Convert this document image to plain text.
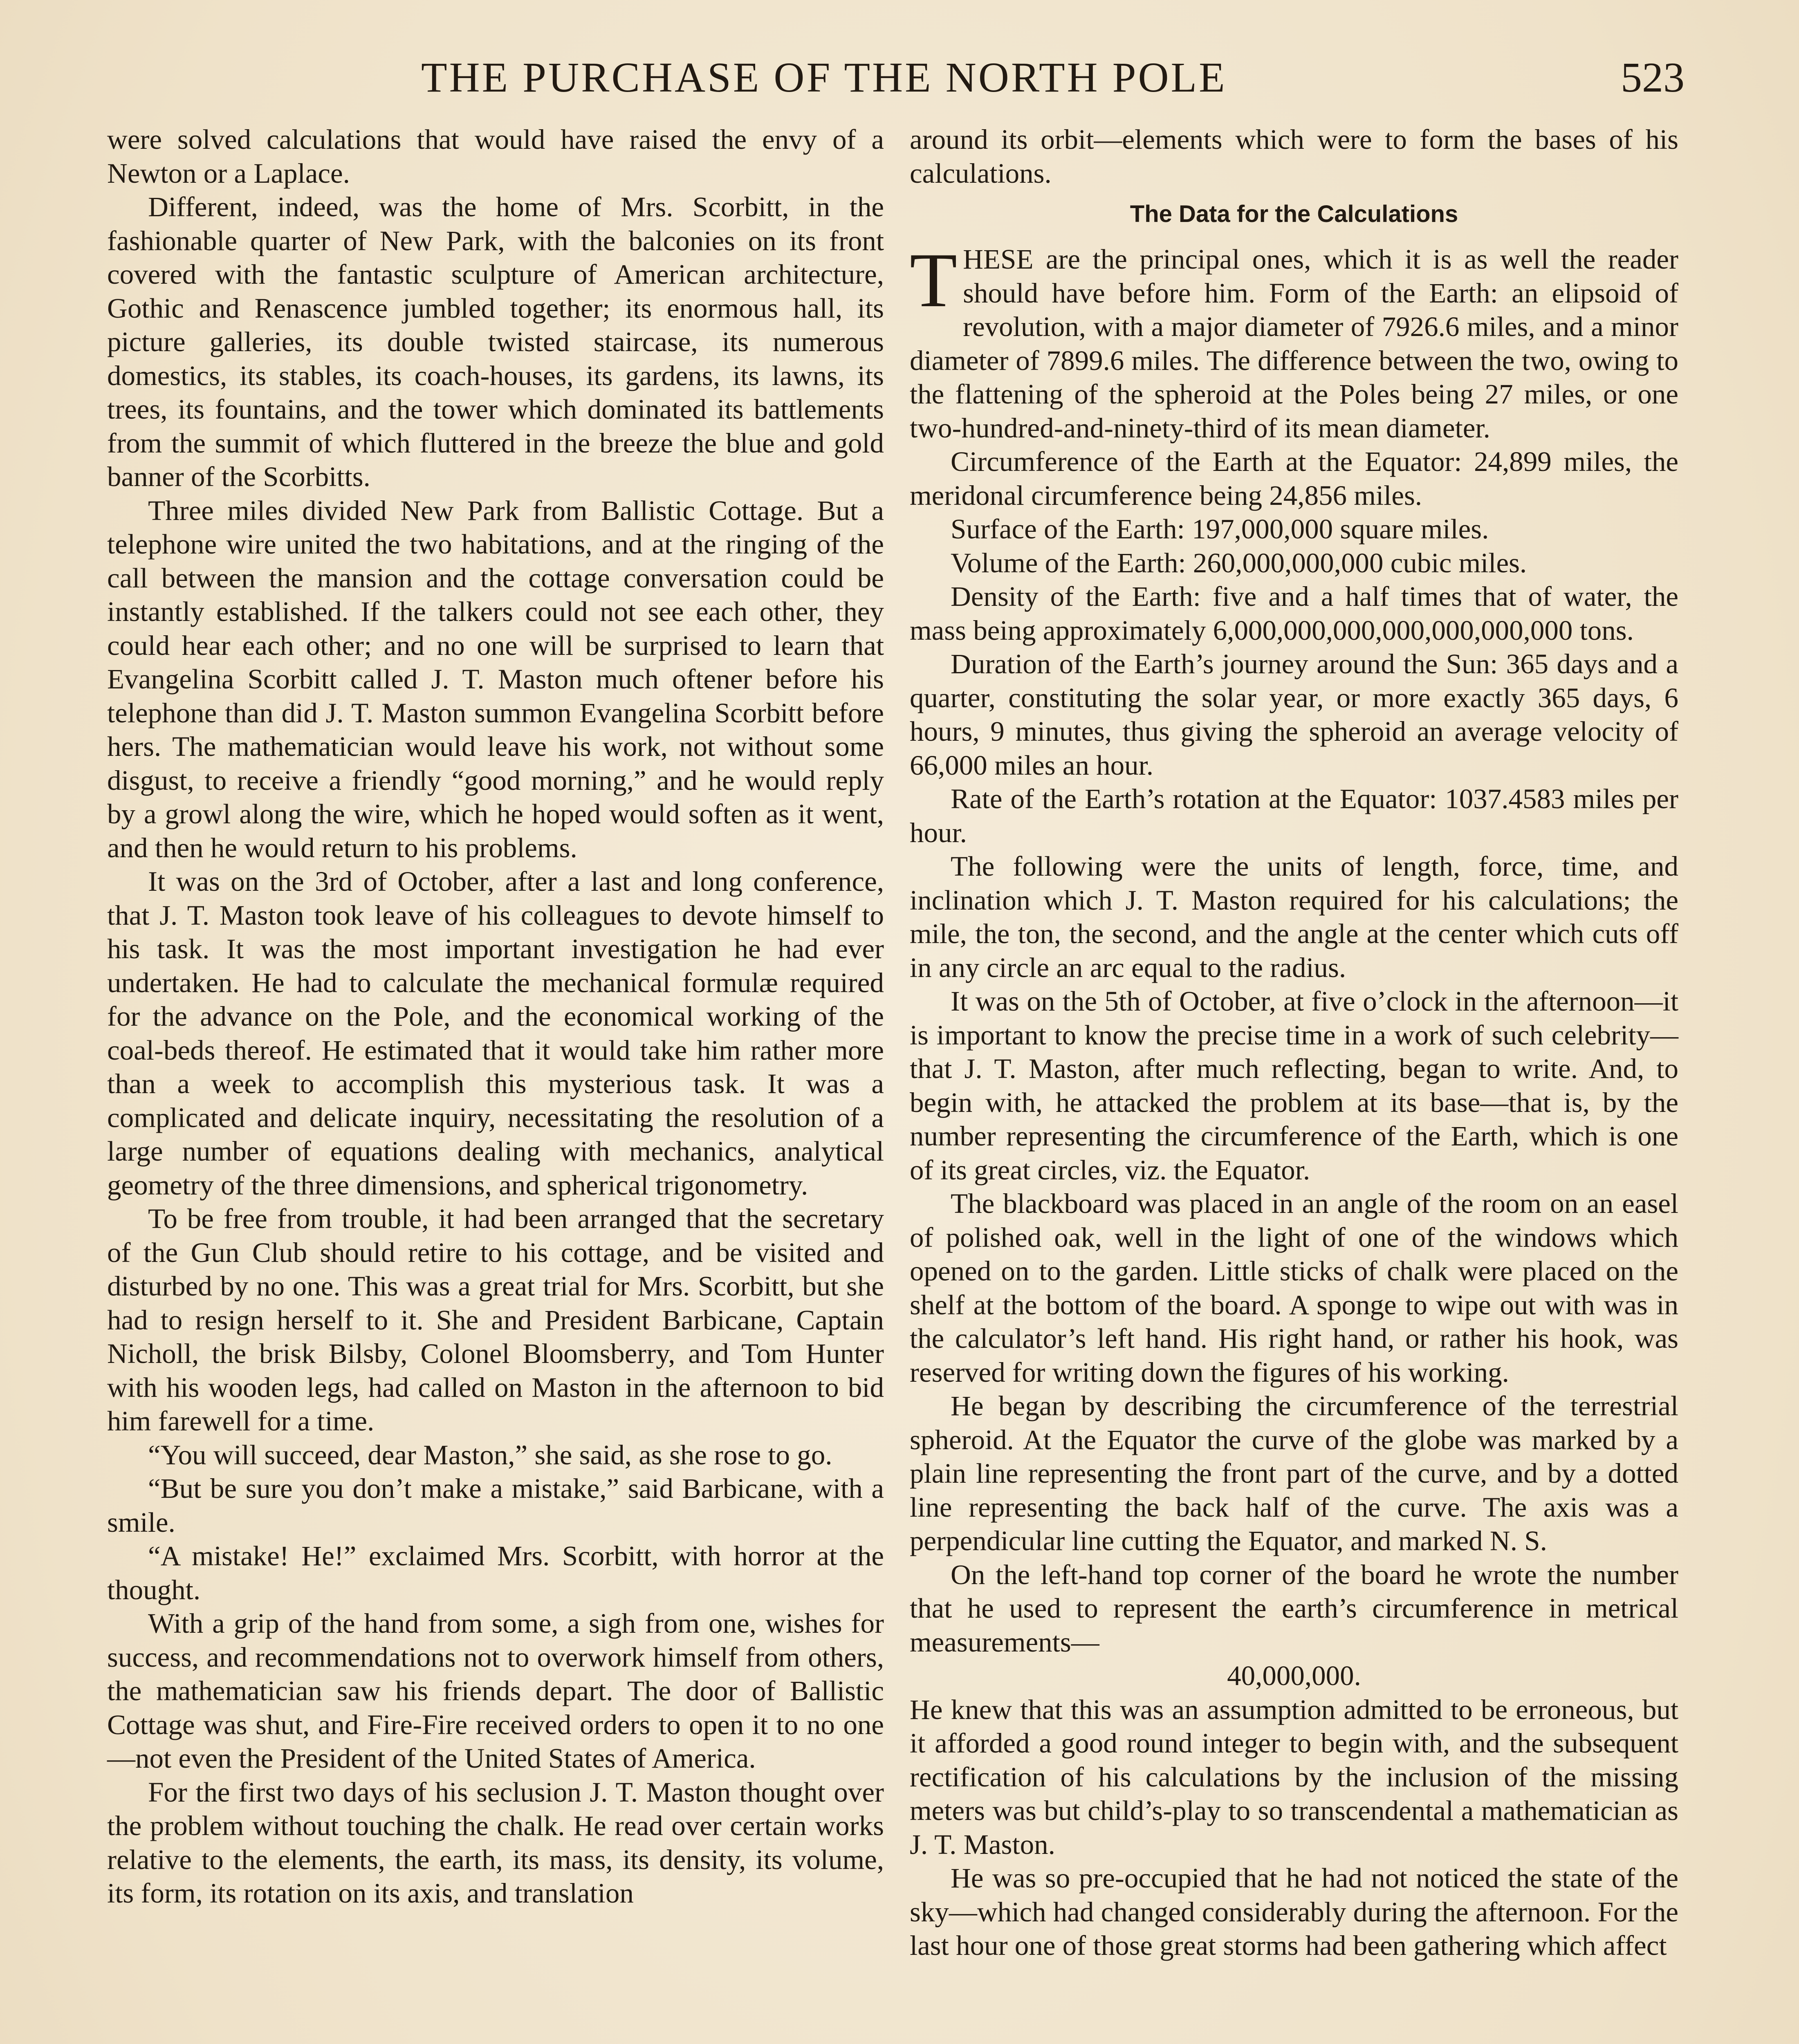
THE PURCHASE OF THE NORTH POLE	523

were solved calculations that would have raised the envy of a Newton or a Laplace.

Different, indeed, was the home of Mrs. Scorbitt, in the fashionable quarter of New Park, with the balconies on its front covered with the fantastic sculpture of American architecture, Gothic and Renascence jumbled together; its enormous hall, its picture galleries, its double twisted staircase, its numerous domestics, its stables, its coach-houses, its gardens, its lawns, its trees, its fountains, and the tower which dominated its battlements from the summit of which fluttered in the breeze the blue and gold banner of the Scorbitts.

Three miles divided New Park from Ballistic Cottage. But a telephone wire united the two habitations, and at the ringing of the call between the mansion and the cottage conversation could be instantly established. If the talkers could not see each other, they could hear each other; and no one will be surprised to learn that Evangelina Scorbitt called J. T. Maston much oftener before his telephone than did J. T. Maston summon Evangelina Scorbitt before hers. The mathematician would leave his work, not without some disgust, to receive a friendly “good morning,” and he would reply by a growl along the wire, which he hoped would soften as it went, and then he would return to his problems.

It was on the 3rd of October, after a last and long conference, that J. T. Maston took leave of his colleagues to devote himself to his task. It was the most important investigation he had ever undertaken. He had to calculate the mechanical formulæ required for the advance on the Pole, and the economical working of the coal-beds thereof. He estimated that it would take him rather more than a week to accomplish this mysterious task. It was a complicated and delicate inquiry, necessitating the resolution of a large number of equations dealing with mechanics, analytical geometry of the three dimensions, and spherical trigonometry.

To be free from trouble, it had been arranged that the secretary of the Gun Club should retire to his cottage, and be visited and disturbed by no one. This was a great trial for Mrs. Scorbitt, but she had to resign herself to it. She and President Barbicane, Captain Nicholl, the brisk Bilsby, Colonel Bloomsberry, and Tom Hunter with his wooden legs, had called on Maston in the afternoon to bid him farewell for a time.

“You will succeed, dear Maston,” she said, as she rose to go.

“But be sure you don’t make a mistake,” said Barbicane, with a smile.

“A mistake! He!” exclaimed Mrs. Scorbitt, with horror at the thought.

With a grip of the hand from some, a sigh from one, wishes for success, and recommendations not to overwork himself from others, the mathematician saw his friends depart. The door of Ballistic Cottage was shut, and Fire-Fire received orders to open it to no one—not even the President of the United States of America.

For the first two days of his seclusion J. T. Maston thought over the problem without touching the chalk. He read over certain works relative to the elements, the earth, its mass, its density, its volume, its form, its rotation on its axis, and translation

around its orbit—elements which were to form the bases of his calculations.

The Data for the Calculations

THESE are the principal ones, which it is as well the reader should have before him. Form of the Earth: an elipsoid of revolution, with a major diameter of 7926.6 miles, and a minor diameter of 7899.6 miles. The difference between the two, owing to the flattening of the spheroid at the Poles being 27 miles, or one two-hundred-and-ninety-third of its mean diameter.

Circumference of the Earth at the Equator: 24,899 miles, the meridonal circumference being 24,856 miles.

Surface of the Earth: 197,000,000 square miles.

Volume of the Earth: 260,000,000,000 cubic miles.

Density of the Earth: five and a half times that of water, the mass being approximately 6,000,000,000,000,000,000,000 tons.

Duration of the Earth’s journey around the Sun: 365 days and a quarter, constituting the solar year, or more exactly 365 days, 6 hours, 9 minutes, thus giving the spheroid an average velocity of 66,000 miles an hour.

Rate of the Earth’s rotation at the Equator: 1037.4583 miles per hour.

The following were the units of length, force, time, and inclination which J. T. Maston required for his calculations; the mile, the ton, the second, and the angle at the center which cuts off in any circle an arc equal to the radius.

It was on the 5th of October, at five o’clock in the afternoon—it is important to know the precise time in a work of such celebrity—that J. T. Maston, after much reflecting, began to write. And, to begin with, he attacked the problem at its base—that is, by the number representing the circumference of the Earth, which is one of its great circles, viz. the Equator.

The blackboard was placed in an angle of the room on an easel of polished oak, well in the light of one of the windows which opened on to the garden. Little sticks of chalk were placed on the shelf at the bottom of the board. A sponge to wipe out with was in the calculator’s left hand. His right hand, or rather his hook, was reserved for writing down the figures of his working.

He began by describing the circumference of the terrestrial spheroid. At the Equator the curve of the globe was marked by a plain line representing the front part of the curve, and by a dotted line representing the back half of the curve. The axis was a perpendicular line cutting the Equator, and marked N. S.

On the left-hand top corner of the board he wrote the number that he used to represent the earth’s circumference in metrical measurements—

40,000,000.

He knew that this was an assumption admitted to be erroneous, but it afforded a good round integer to begin with, and the subsequent rectification of his calculations by the inclusion of the missing meters was but child’s-play to so transcendental a mathematician as J. T. Maston.

He was so pre-occupied that he had not noticed the state of the sky—which had changed considerably during the afternoon. For the last hour one of those great storms had been gathering which affect
